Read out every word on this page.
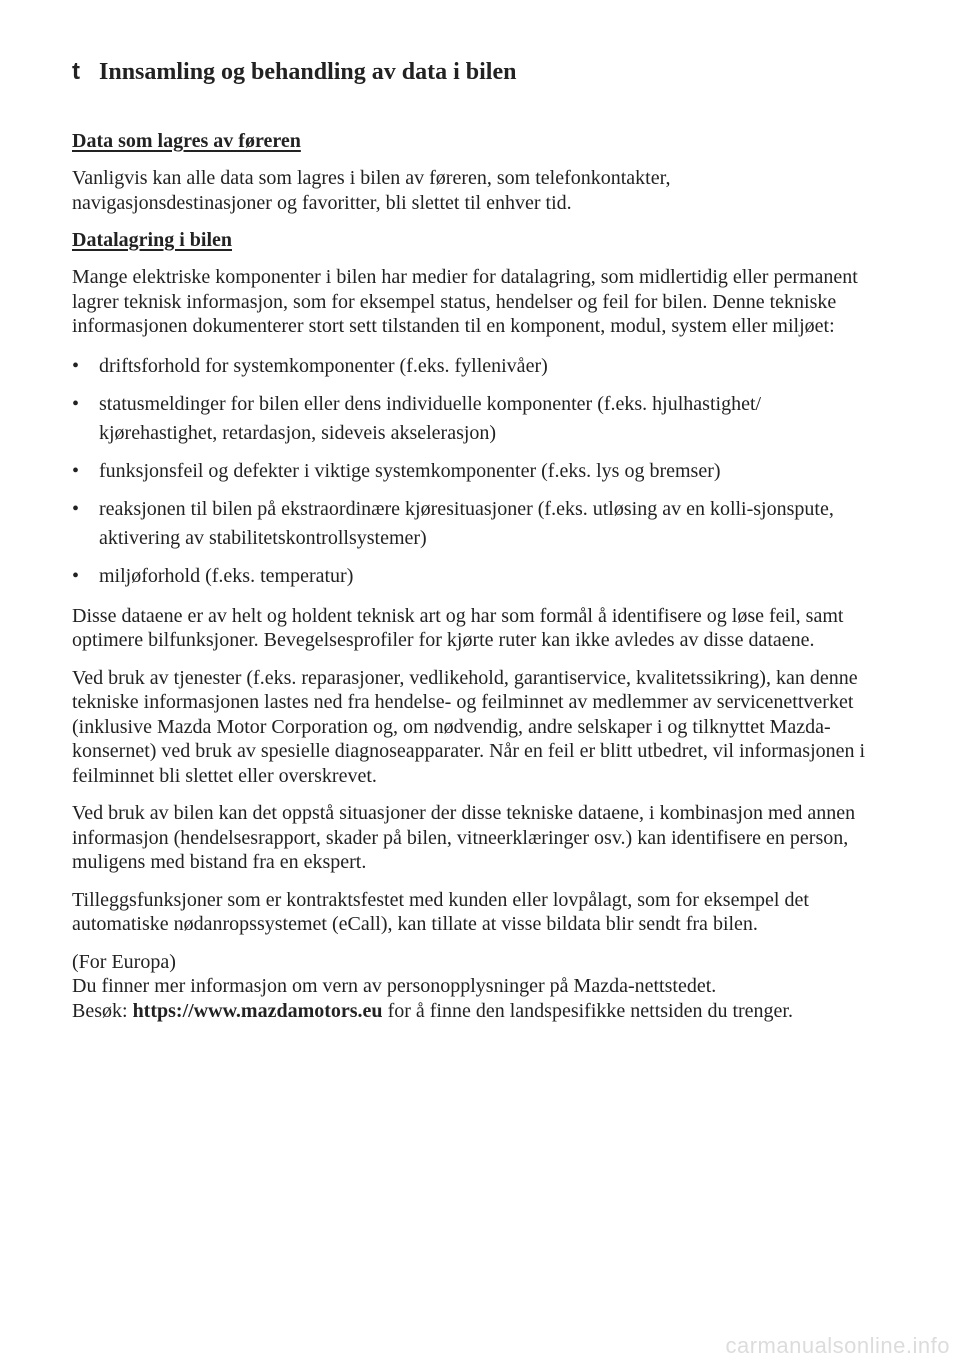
t Innsamling og behandling av data i bilen
Data som lagres av føreren

Vanligvis kan alle data som lagres i bilen av føreren, som telefonkontakter, navigasjonsdestinasjoner og favoritter, bli slettet til enhver tid.

Datalagring i bilen

Mange elektriske komponenter i bilen har medier for datalagring, som midlertidig eller permanent lagrer teknisk informasjon, som for eksempel status, hendelser og feil for bilen. Denne tekniske informasjonen dokumenterer stort sett tilstanden til en komponent, modul, system eller miljøet:

• driftsforhold for systemkomponenter (f.eks. fyllenivåer)
• statusmeldinger for bilen eller dens individuelle komponenter (f.eks. hjulhastighet/ kjørehastighet, retardasjon, sideveis akselerasjon)
• funksjonsfeil og defekter i viktige systemkomponenter (f.eks. lys og bremser)
• reaksjonen til bilen på ekstraordinære kjøresituasjoner (f.eks. utløsing av en kolli-sjonspute, aktivering av stabilitetskontrollsystemer)
• miljøforhold (f.eks. temperatur)

Disse dataene er av helt og holdent teknisk art og har som formål å identifisere og løse feil, samt optimere bilfunksjoner. Bevegelsesprofiler for kjørte ruter kan ikke avledes av disse dataene.

Ved bruk av tjenester (f.eks. reparasjoner, vedlikehold, garantiservice, kvalitetssikring), kan denne tekniske informasjonen lastes ned fra hendelse- og feilminnet av medlemmer av servicenettverket (inklusive Mazda Motor Corporation og, om nødvendig, andre selskaper i og tilknyttet Mazda-konsernet) ved bruk av spesielle diagnoseapparater. Når en feil er blitt utbedret, vil informasjonen i feilminnet bli slettet eller overskrevet.

Ved bruk av bilen kan det oppstå situasjoner der disse tekniske dataene, i kombinasjon med annen informasjon (hendelsesrapport, skader på bilen, vitneerklæringer osv.) kan identifisere en person, muligens med bistand fra en ekspert.

Tilleggsfunksjoner som er kontraktsfestet med kunden eller lovpålagt, som for eksempel det automatiske nødanropssystemet (eCall), kan tillate at visse bildata blir sendt fra bilen.

(For Europa)
Du finner mer informasjon om vern av personopplysninger på Mazda-nettstedet.
Besøk: https://www.mazdamotors.eu for å finne den landspesifikke nettsiden du trenger.

carmanualsonline.info
